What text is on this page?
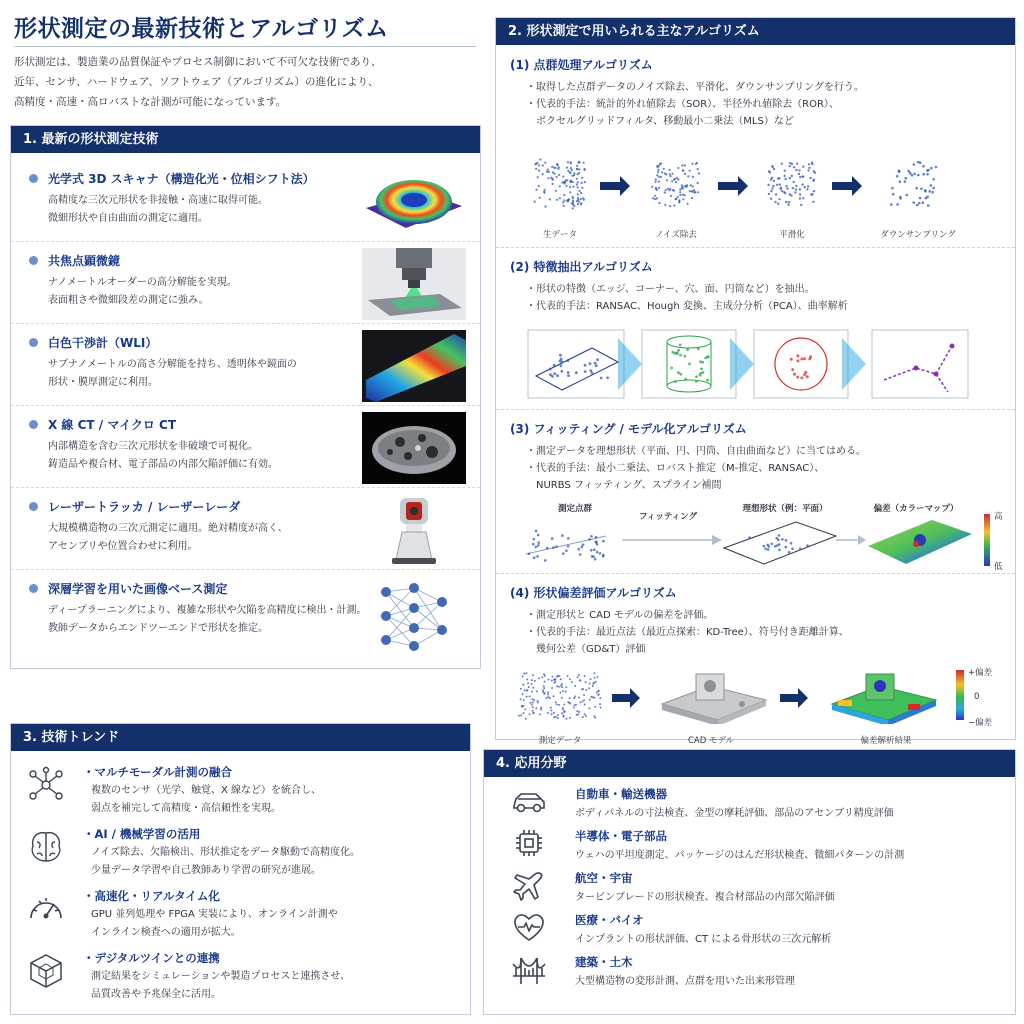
形状測定の最新技術とアルゴリズム

形状測定は、製造業の品質保証やプロセス制御において不可欠な技術であり、

近年、センサ、ハードウェア、ソフトウェア（アルゴリズム）の進化により、

高精度・高速・高ロバストな計測が可能になっています。

1. 最新の形状測定技術
光学式 3D スキャナ（構造化光・位相シフト法）
高精度な三次元形状を非接触・高速に取得可能。
微細形状や自由曲面の測定に適用。
共焦点顕微鏡
ナノメートルオーダーの高分解能を実現。
表面粗さや微細段差の測定に強み。
白色干渉計（WLI）
サブナノメートルの高さ分解能を持ち、透明体や鏡面の
形状・膜厚測定に利用。
X 線 CT / マイクロ CT
内部構造を含む三次元形状を非破壊で可視化。
鋳造品や複合材、電子部品の内部欠陥評価に有効。
レーザートラッカ / レーザーレーダ
大規模構造物の三次元測定に適用。絶対精度が高く、
アセンブリや位置合わせに利用。
深層学習を用いた画像ベース測定
ディープラーニングにより、複雑な形状や欠陥を高精度に検出・計測。
教師データからエンドツーエンドで形状を推定。
2. 形状測定で用いられる主なアルゴリズム
(1) 点群処理アルゴリズム
・取得した点群データのノイズ除去、平滑化、ダウンサンプリングを行う。
・代表的手法：統計的外れ値除去（SOR）、半径外れ値除去（ROR）、
　ボクセルグリッドフィルタ、移動最小二乗法（MLS）など
生データ	ノイズ除去	平滑化	ダウンサンプリング
(2) 特徴抽出アルゴリズム
・形状の特徴（エッジ、コーナー、穴、面、円筒など）を抽出。
・代表的手法：RANSAC、Hough 変換、主成分分析（PCA）、曲率解析
(3) フィッティング / モデル化アルゴリズム
・測定データを理想形状（平面、円、円筒、自由曲面など）に当てはめる。
・代表的手法：最小二乗法、ロバスト推定（M-推定、RANSAC）、
　NURBS フィッティング、スプライン補間
測定点群
フィッティング
理想形状（例：平面）	偏差（カラーマップ）
高
低
(4) 形状偏差評価アルゴリズム
・測定形状と CAD モデルの偏差を評価。
・代表的手法：最近点法（最近点探索：KD-Tree）、符号付き距離計算、
　幾何公差（GD&T）評価
測定データ	CAD モデル	偏差解析結果
+偏差
0
−偏差
3. 技術トレンド
・マルチモーダル計測の融合
複数のセンサ（光学、触覚、X 線など）を統合し、
弱点を補完して高精度・高信頼性を実現。
・AI / 機械学習の活用
ノイズ除去、欠陥検出、形状推定をデータ駆動で高精度化。
少量データ学習や自己教師あり学習の研究が進展。
・高速化・リアルタイム化
GPU 並列処理や FPGA 実装により、オンライン計測や
インライン検査への適用が拡大。
・デジタルツインとの連携
測定結果をシミュレーションや製造プロセスと連携させ、
品質改善や予兆保全に活用。
4. 応用分野
自動車・輸送機器
ボディパネルの寸法検査、金型の摩耗評価、部品のアセンブリ精度評価
半導体・電子部品
ウェハの平坦度測定、パッケージのはんだ形状検査、微細パターンの計測
航空・宇宙
タービンブレードの形状検査、複合材部品の内部欠陥評価
医療・バイオ
インプラントの形状評価、CT による骨形状の三次元解析
建築・土木
大型構造物の変形計測、点群を用いた出来形管理
